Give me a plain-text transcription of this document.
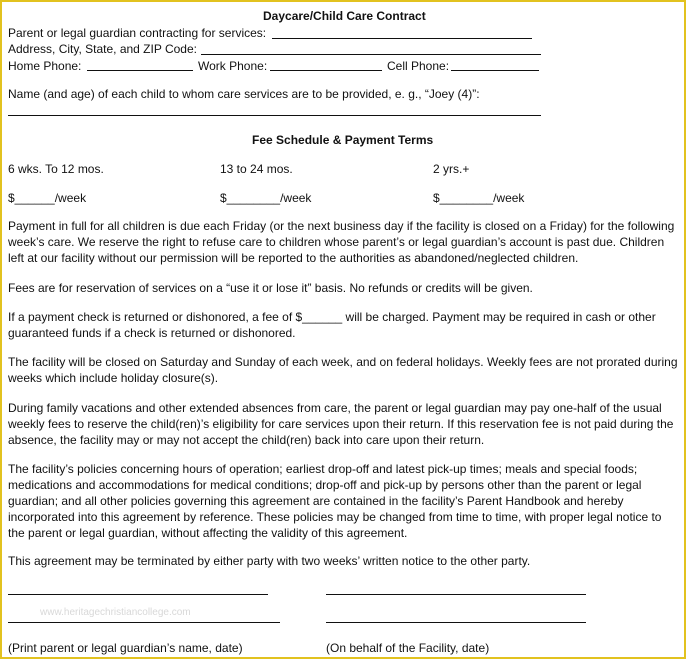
Daycare/Child Care Contract
Parent or legal guardian contracting for services:
Address, City, State, and ZIP Code:
Home Phone:	Work Phone:	Cell Phone:
Name (and age) of each child to whom care services are to be provided, e. g., “Joey (4)”:
Fee Schedule & Payment Terms
6 wks. To 12 mos.	13 to 24 mos.	2 yrs.+
$______/week	$________/week	$________/week
Payment in full for all children is due each Friday (or the next business day if the facility is closed on a Friday) for the following
week’s care. We reserve the right to refuse care to children whose parent’s or legal guardian’s account is past due. Children
left at our facility without our permission will be reported to the authorities as abandoned/neglected children.
Fees are for reservation of services on a “use it or lose it” basis. No refunds or credits will be given.
If a payment check is returned or dishonored, a fee of $______ will be charged. Payment may be required in cash or other
guaranteed funds if a check is returned or dishonored.
The facility will be closed on Saturday and Sunday of each week, and on federal holidays. Weekly fees are not prorated during
weeks which include holiday closure(s).
During family vacations and other extended absences from care, the parent or legal guardian may pay one-half of the usual
weekly fees to reserve the child(ren)’s eligibility for care services upon their return. If this reservation fee is not paid during the
absence, the facility may or may not accept the child(ren) back into care upon their return.
The facility’s policies concerning hours of operation; earliest drop-off and latest pick-up times; meals and special foods;
medications and accommodations for medical conditions; drop-off and pick-up by persons other than the parent or legal
guardian; and all other policies governing this agreement are contained in the facility’s Parent Handbook and hereby
incorporated into this agreement by reference. These policies may be changed from time to time, with proper legal notice to
the parent or legal guardian, without affecting the validity of this agreement.
This agreement may be terminated by either party with two weeks’ written notice to the other party.
www.heritagechristiancollege.com
(Print parent or legal guardian’s name, date)	(On behalf of the Facility, date)
